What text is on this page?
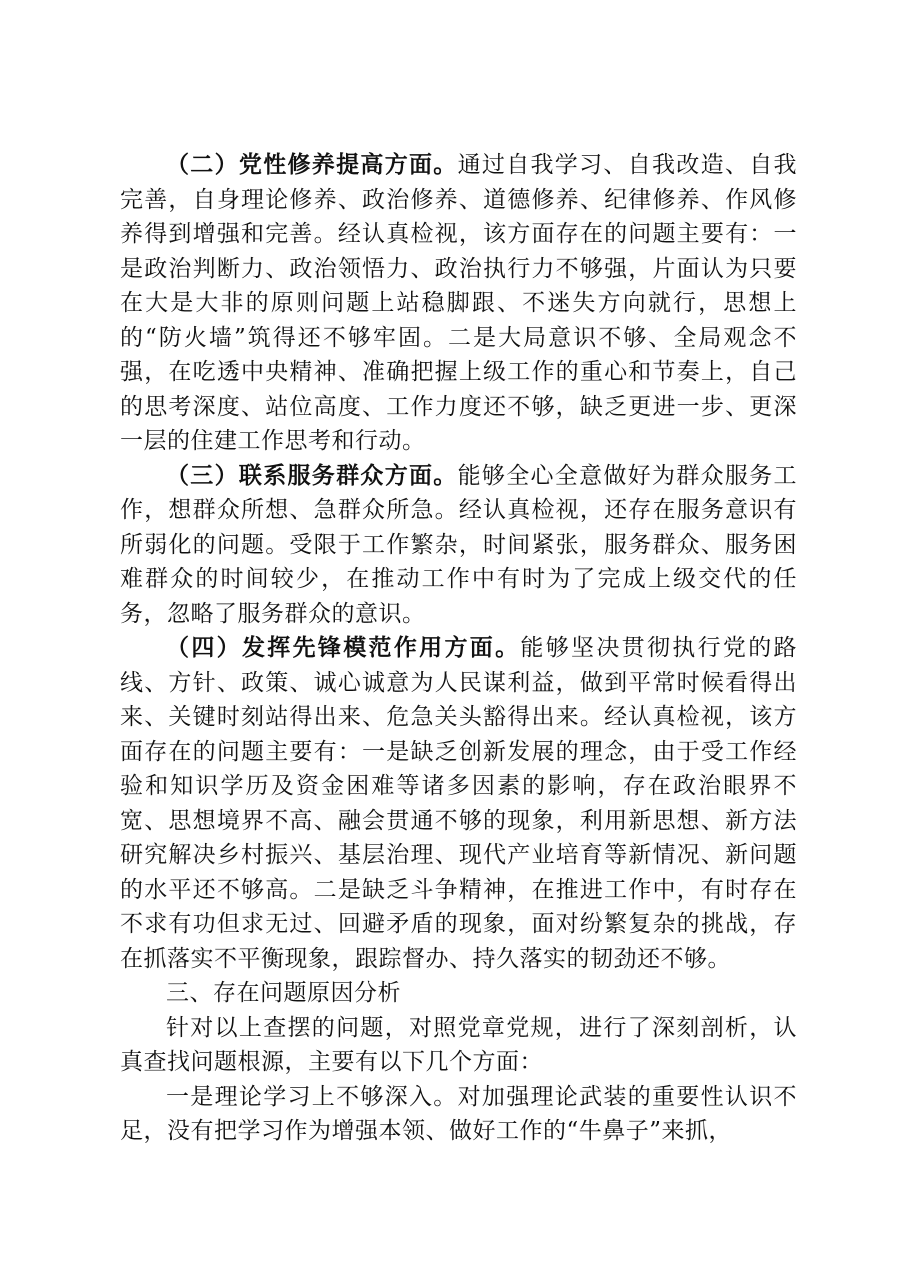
（二）党性修养提高方面。通过自我学习、自我改造、自我完善，自身理论修养、政治修养、道德修养、纪律修养、作风修养得到增强和完善。经认真检视，该方面存在的问题主要有：一是政治判断力、政治领悟力、政治执行力不够强，片面认为只要在大是大非的原则问题上站稳脚跟、不迷失方向就行，思想上的“防火墙”筑得还不够牢固。二是大局意识不够、全局观念不强，在吃透中央精神、准确把握上级工作的重心和节奏上，自己的思考深度、站位高度、工作力度还不够，缺乏更进一步、更深一层的住建工作思考和行动。

（三）联系服务群众方面。能够全心全意做好为群众服务工作，想群众所想、急群众所急。经认真检视，还存在服务意识有所弱化的问题。受限于工作繁杂，时间紧张，服务群众、服务困难群众的时间较少，在推动工作中有时为了完成上级交代的任务，忽略了服务群众的意识。

（四）发挥先锋模范作用方面。能够坚决贯彻执行党的路线、方针、政策、诚心诚意为人民谋利益，做到平常时候看得出来、关键时刻站得出来、危急关头豁得出来。经认真检视，该方面存在的问题主要有：一是缺乏创新发展的理念，由于受工作经验和知识学历及资金困难等诸多因素的影响，存在政治眼界不宽、思想境界不高、融会贯通不够的现象，利用新思想、新方法研究解决乡村振兴、基层治理、现代产业培育等新情况、新问题的水平还不够高。二是缺乏斗争精神，在推进工作中，有时存在不求有功但求无过、回避矛盾的现象，面对纷繁复杂的挑战，存在抓落实不平衡现象，跟踪督办、持久落实的韧劲还不够。

三、存在问题原因分析

针对以上查摆的问题，对照党章党规，进行了深刻剖析，认真查找问题根源，主要有以下几个方面：

一是理论学习上不够深入。对加强理论武装的重要性认识不足，没有把学习作为增强本领、做好工作的“牛鼻子”来抓，
